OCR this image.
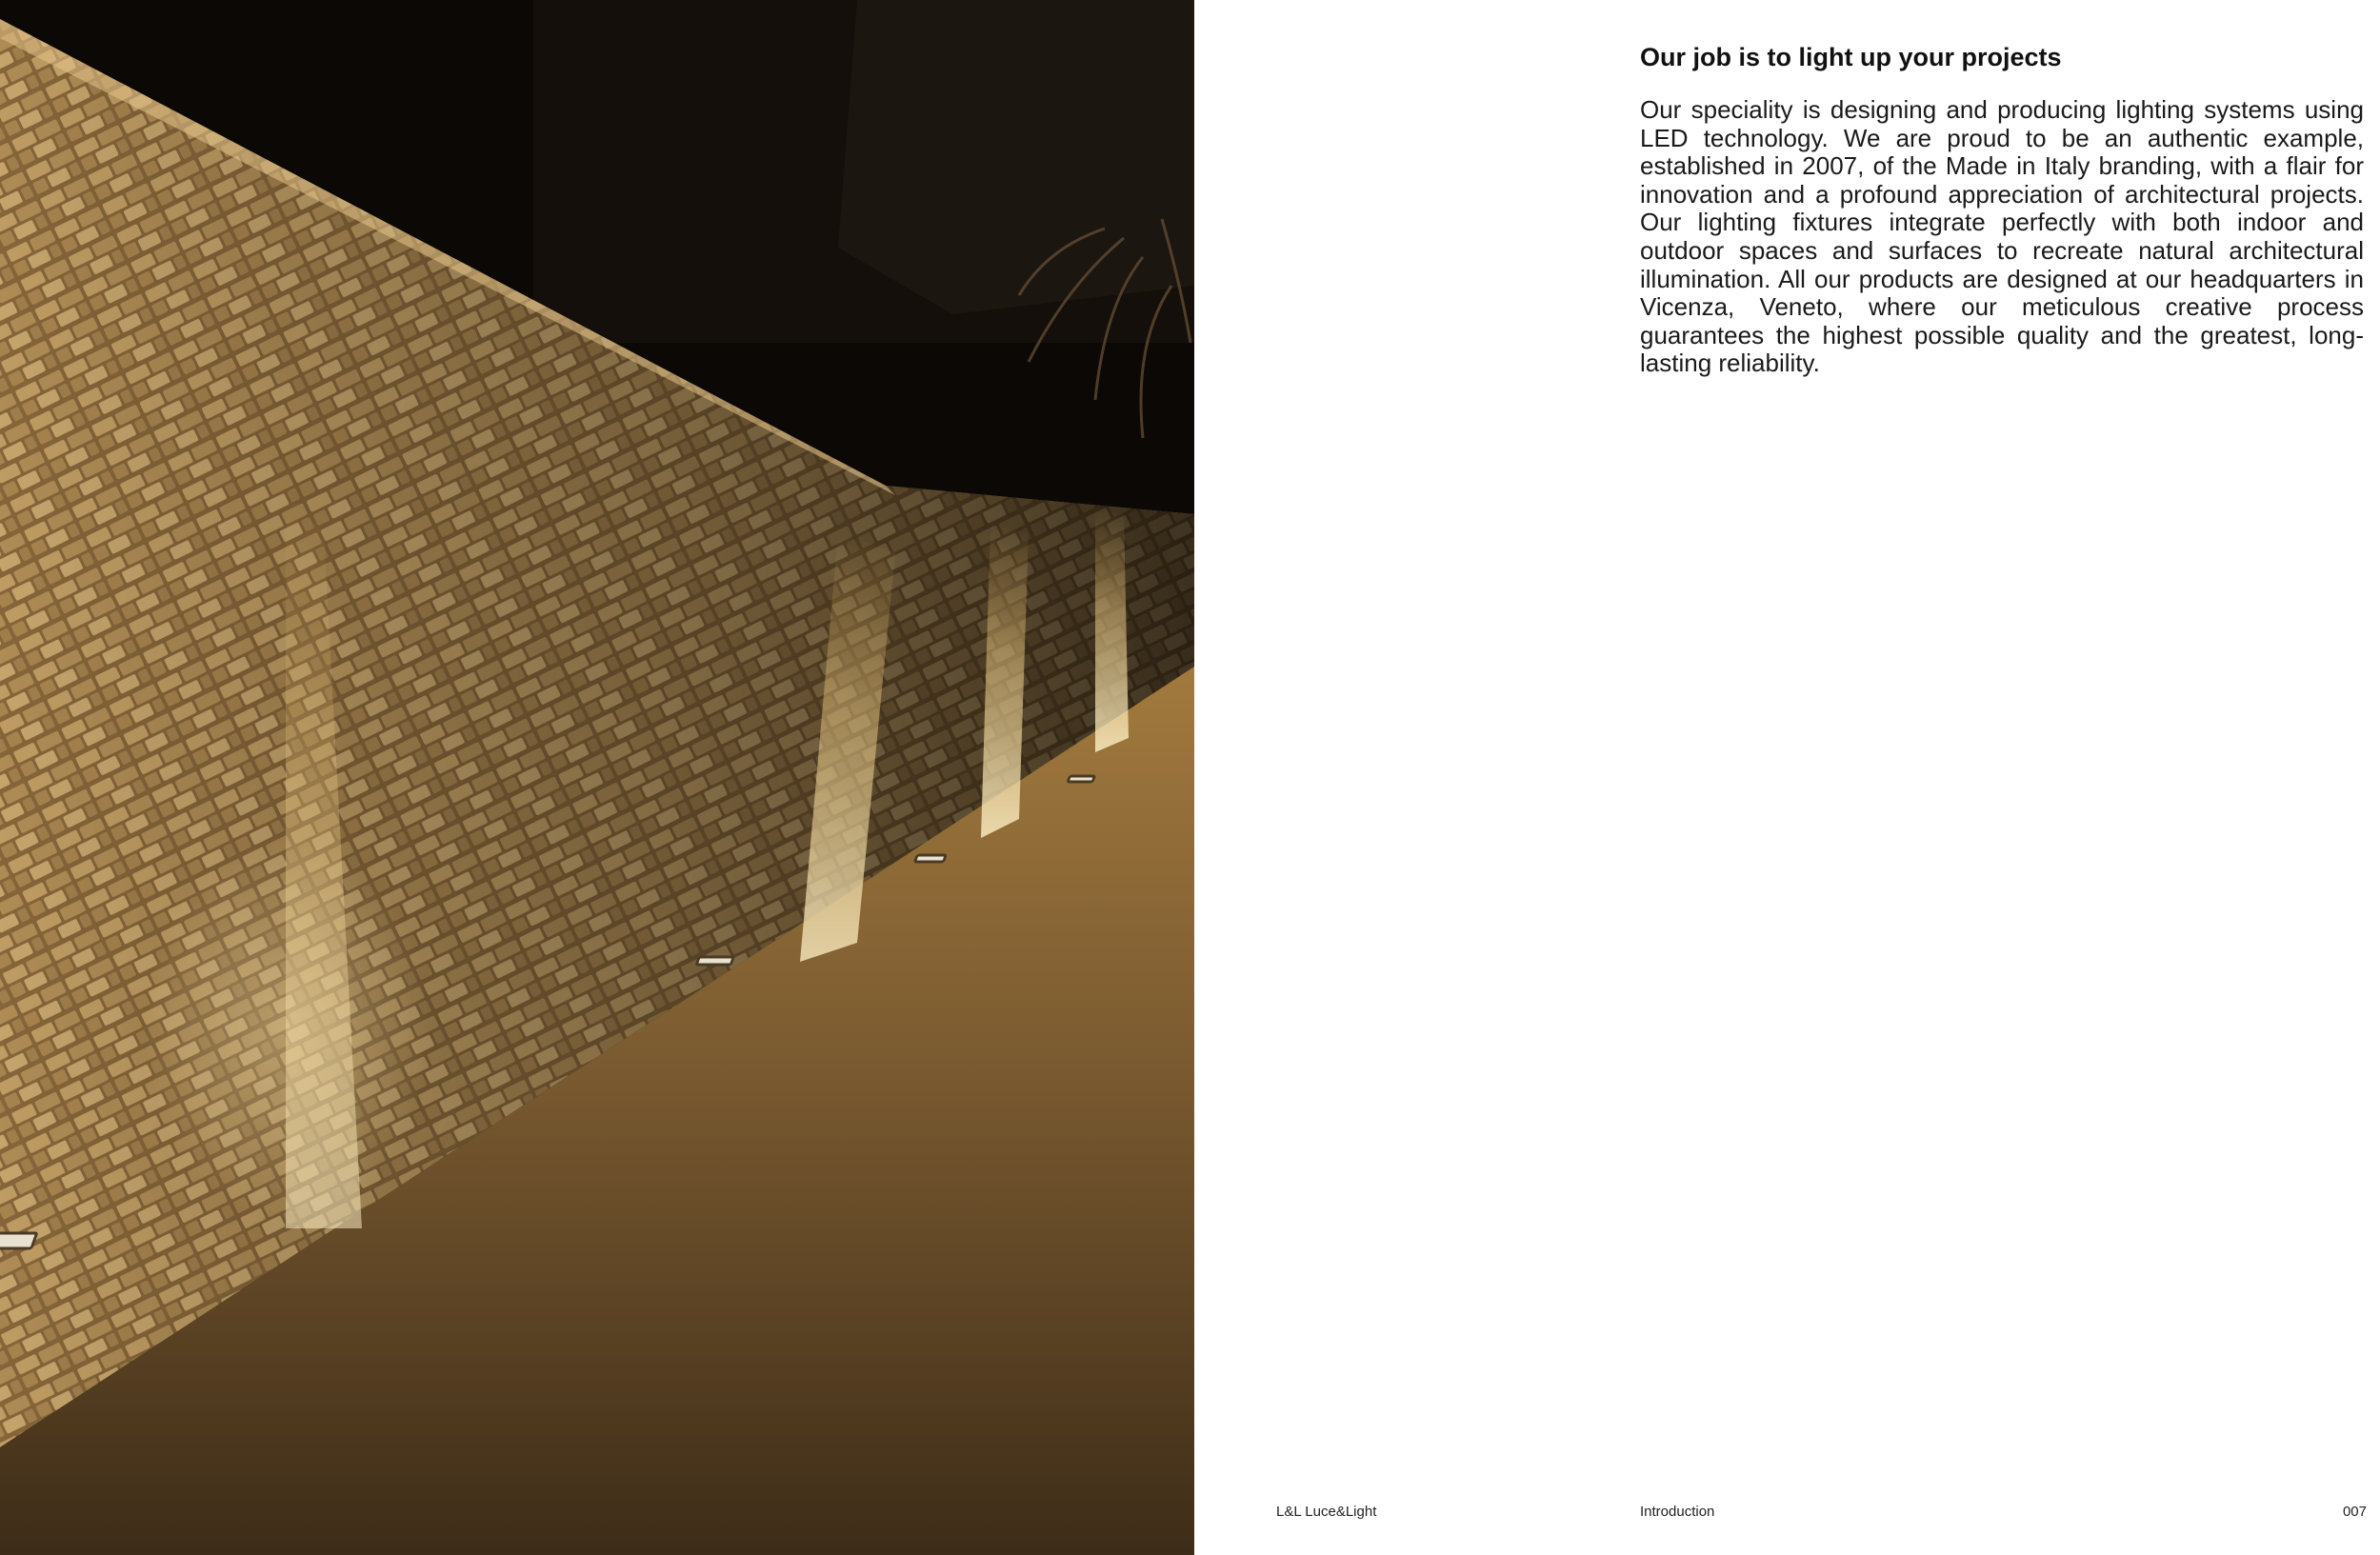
Our job is to light up your projects

Our speciality is designing and producing lighting systems using LED technology. We are proud to be an authentic example, established in 2007, of the Made in Italy branding, with a flair for innovation and a profound appreciation of architectural projects. Our lighting fixtures integrate perfectly with both indoor and outdoor spaces and surfaces to recreate natural architectural illumination. All our products are designed at our headquarters in Vicenza, Veneto, where our meticulous creative process guarantees the highest possible quality and the greatest, long-lasting reliability.

L&L Luce&Light	Introduction	007
